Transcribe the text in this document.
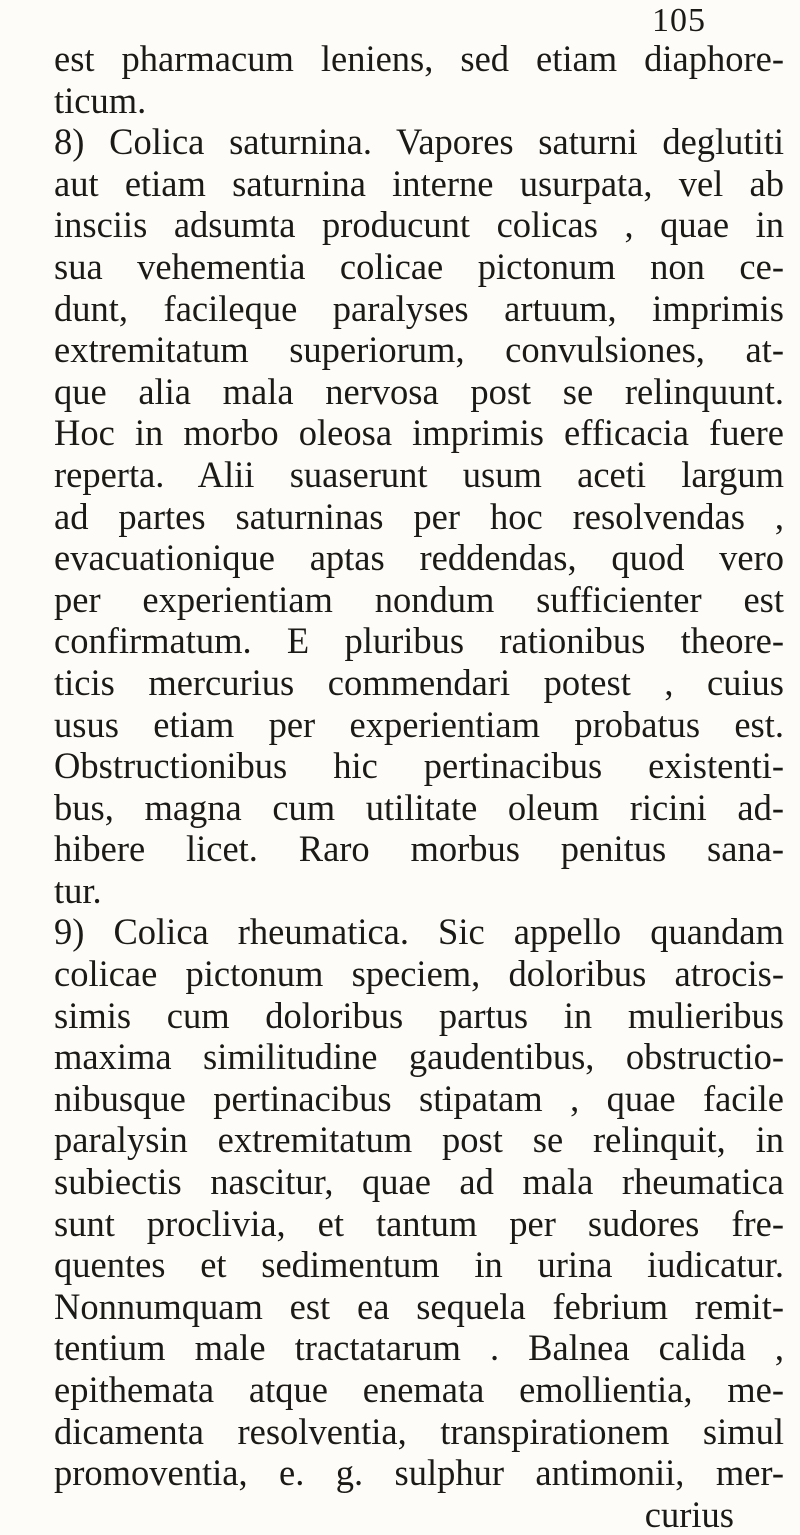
105
est pharmacum leniens, sed etiam diaphore-
ticum.
8) Colica saturnina. Vapores saturni deglutiti
aut etiam saturnina interne usurpata, vel ab
insciis adsumta producunt colicas , quae in
sua vehementia colicae pictonum non ce-
dunt, facileque paralyses artuum, imprimis
extremitatum superiorum, convulsiones, at-
que alia mala nervosa post se relinquunt.
Hoc in morbo oleosa imprimis efficacia fuere
reperta. Alii suaserunt usum aceti largum
ad partes saturninas per hoc resolvendas ,
evacuationique aptas reddendas, quod vero
per experientiam nondum sufficienter est
confirmatum. E pluribus rationibus theore-
ticis mercurius commendari potest , cuius
usus etiam per experientiam probatus est.
Obstructionibus hic pertinacibus existenti-
bus, magna cum utilitate oleum ricini ad-
hibere licet. Raro morbus penitus sana-
tur.
9) Colica rheumatica. Sic appello quandam
colicae pictonum speciem, doloribus atrocis-
simis cum doloribus partus in mulieribus
maxima similitudine gaudentibus, obstructio-
nibusque pertinacibus stipatam , quae facile
paralysin extremitatum post se relinquit, in
subiectis nascitur, quae ad mala rheumatica
sunt proclivia, et tantum per sudores fre-
quentes et sedimentum in urina iudicatur.
Nonnumquam est ea sequela febrium remit-
tentium male tractatarum . Balnea calida ,
epithemata atque enemata emollientia, me-
dicamenta resolventia, transpirationem simul
promoventia, e. g. sulphur antimonii, mer-
curius
